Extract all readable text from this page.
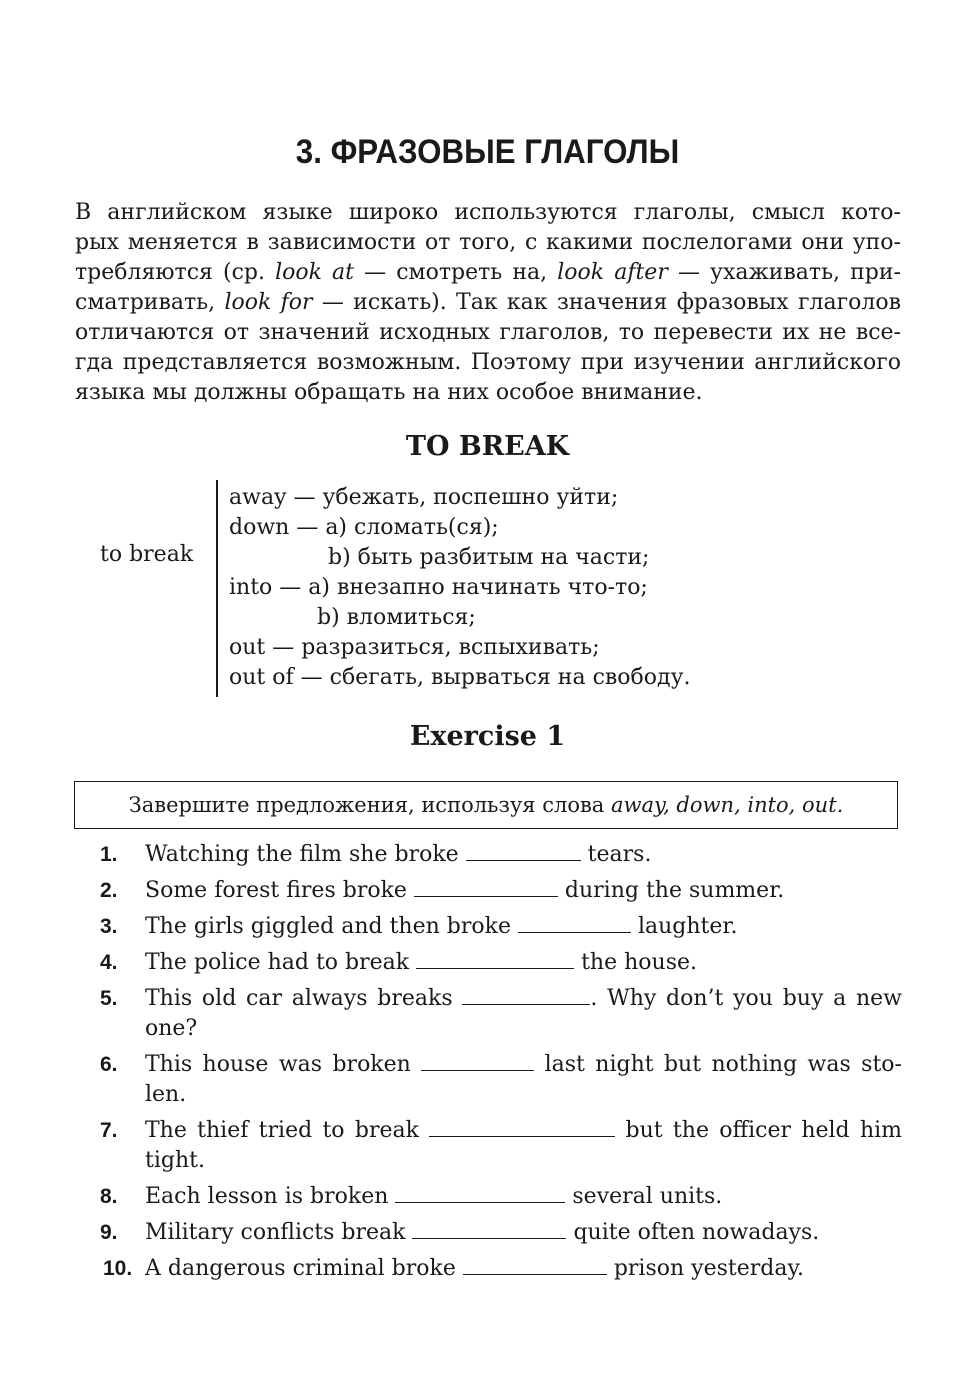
3. ФРАЗОВЫЕ ГЛАГОЛЫ
В английском языке широко используются глаголы, смысл кото-
рых меняется в зависимости от того, с какими послелогами они упо-
требляются (ср. look at — смотреть на, look after — ухаживать, при-
сматривать, look for — искать). Так как значения фразовых глаголов
отличаются от значений исходных глаголов, то перевести их не все-
гда представляется возможным. Поэтому при изучении английского
языка мы должны обращать на них особое внимание.
TO BREAK
to break
away — убежать, поспешно уйти;
down — a) сломать(ся);
b) быть разбитым на части;
into — a) внезапно начинать что-то;
b) вломиться;
out — разразиться, вспыхивать;
out of — сбегать, вырваться на свободу.
Exercise 1
Завершите предложения, используя слова away, down, into, out.
1. Watching the film she broke	tears.
2. Some forest fires broke	during the summer.
3. The girls giggled and then broke	laughter.
4. The police had to break	the house.
5. This old car always breaks	. Why don’t you buy a new
one?
6. This house was broken	last night but nothing was sto-
len.
7. The thief tried to break	but the officer held him
tight.
8. Each lesson is broken	several units.
9. Military conflicts break	quite often nowadays.
10. A dangerous criminal broke	prison yesterday.
